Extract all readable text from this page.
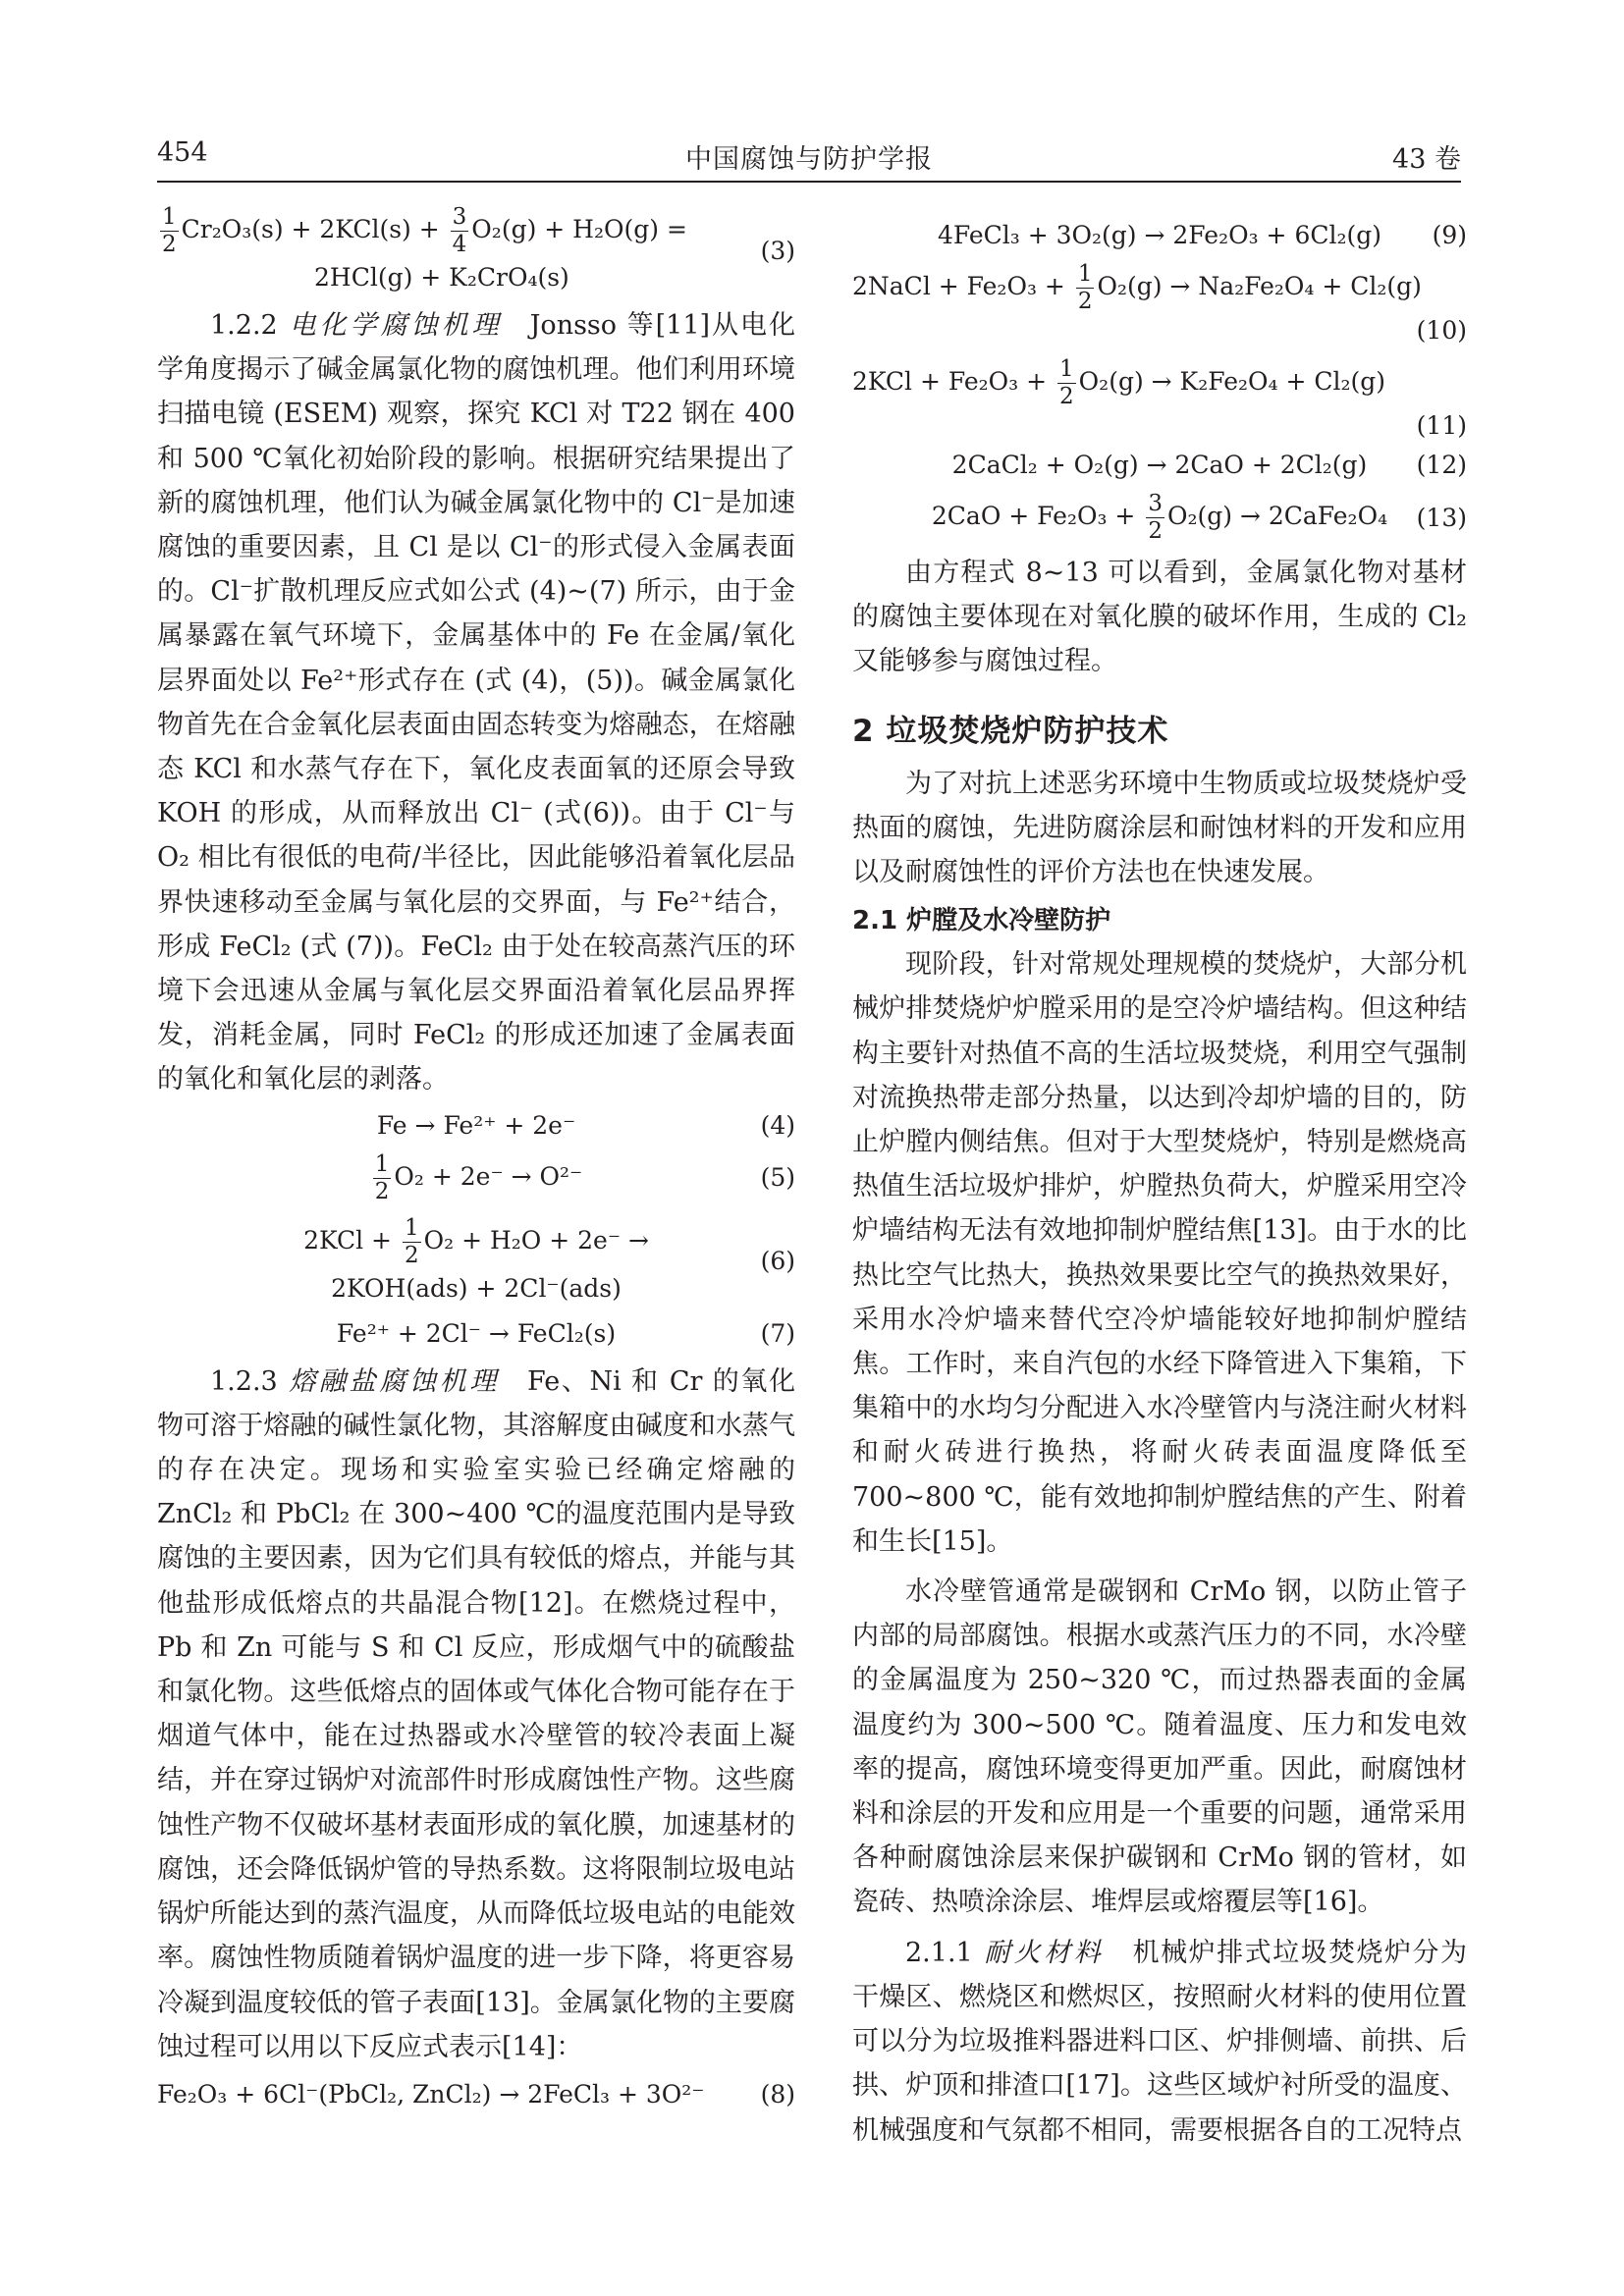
454	中国腐蚀与防护学报	43 卷
$\frac{1}{2} Cr_2O_3(s) + 2KCl(s) + \frac{3}{4} O_2(g) + H_2O(g)$ =
2HCl(g) + K₂CrO₄(s)
(3)

1.2.2 电化学腐蚀机理 Jonsso 等[11]从电化学角度揭示了碱金属氯化物的腐蚀机理。他们利用环境扫描电镜 (ESEM) 观察，探究 KCl 对 T22 钢在 400 和 500 ℃氧化初始阶段的影响。根据研究结果提出了新的腐蚀机理，他们认为碱金属氯化物中的 Cl⁻是加速腐蚀的重要因素，且 Cl 是以 Cl⁻的形式侵入金属表面的。Cl⁻扩散机理反应式如公式 (4)~(7) 所示，由于金属暴露在氧气环境下，金属基体中的 Fe 在金属/氧化层界面处以 Fe²⁺形式存在 (式 (4)，(5))。碱金属氯化物首先在合金氧化层表面由固态转变为熔融态，在熔融态 KCl 和水蒸气存在下，氧化皮表面氧的还原会导致 KOH 的形成，从而释放出 Cl⁻ (式(6))。由于 Cl⁻与 O₂ 相比有很低的电荷/半径比，因此能够沿着氧化层品界快速移动至金属与氧化层的交界面，与 Fe²⁺结合，形成 FeCl₂ (式 (7))。FeCl₂ 由于处在较高蒸汽压的环境下会迅速从金属与氧化层交界面沿着氧化层品界挥发，消耗金属，同时 FeCl₂ 的形成还加速了金属表面的氧化和氧化层的剥落。

Fe → Fe²⁺ + 2e⁻	(4)
$\frac{1}{2} O_2 + 2e^- \to O^{2-}$	(5)
$2KCl + \frac{1}{2} O_2 + H_2O + 2e^-$ →
2KOH(ads) + 2Cl⁻(ads)
(6)
Fe²⁺ + 2Cl⁻ → FeCl₂(s)	(7)

1.2.3 熔融盐腐蚀机理 Fe、Ni 和 Cr 的氧化物可溶于熔融的碱性氯化物，其溶解度由碱度和水蒸气的存在决定。现场和实验室实验已经确定熔融的 ZnCl₂ 和 PbCl₂ 在 300~400 ℃的温度范围内是导致腐蚀的主要因素，因为它们具有较低的熔点，并能与其他盐形成低熔点的共晶混合物[12]。在燃烧过程中，Pb 和 Zn 可能与 S 和 Cl 反应，形成烟气中的硫酸盐和氯化物。这些低熔点的固体或气体化合物可能存在于烟道气体中，能在过热器或水冷壁管的较冷表面上凝结，并在穿过锅炉对流部件时形成腐蚀性产物。这些腐蚀性产物不仅破坏基材表面形成的氧化膜，加速基材的腐蚀，还会降低锅炉管的导热系数。这将限制垃圾电站锅炉所能达到的蒸汽温度，从而降低垃圾电站的电能效率。腐蚀性物质随着锅炉温度的进一步下降，将更容易冷凝到温度较低的管子表面[13]。金属氯化物的主要腐蚀过程可以用以下反应式表示[14]：

Fe₂O₃ + 6Cl⁻(PbCl₂, ZnCl₂) → 2FeCl₃ + 3O²⁻	(8)
4FeCl₃ + 3O₂(g) → 2Fe₂O₃ + 6Cl₂(g)	(9)
2NaCl + $Fe_2O_3 + \frac{1}{2} O_2(g) \to Na_2Fe_2O_4 + Cl_2(g)$
(10)
$2KCl + Fe_2O_3 + \frac{1}{2} O_2(g) \to K_2Fe_2O_4 + Cl_2(g)$
(11)
2CaCl₂ + O₂(g) → 2CaO + 2Cl₂(g)	(12)
$2CaO + Fe_2O_3 + \frac{3}{2} O_2(g)$ → 2CaFe₂O₄	(13)

由方程式 8~13 可以看到，金属氯化物对基材的腐蚀主要体现在对氧化膜的破坏作用，生成的 Cl₂ 又能够参与腐蚀过程。

2 垃圾焚烧炉防护技术

为了对抗上述恶劣环境中生物质或垃圾焚烧炉受热面的腐蚀，先进防腐涂层和耐蚀材料的开发和应用以及耐腐蚀性的评价方法也在快速发展。

2.1 炉膛及水冷壁防护

现阶段，针对常规处理规模的焚烧炉，大部分机械炉排焚烧炉炉膛采用的是空冷炉墙结构。但这种结构主要针对热值不高的生活垃圾焚烧，利用空气强制对流换热带走部分热量，以达到冷却炉墙的目的，防止炉膛内侧结焦。但对于大型焚烧炉，特别是燃烧高热值生活垃圾炉排炉，炉膛热负荷大，炉膛采用空冷炉墙结构无法有效地抑制炉膛结焦[13]。由于水的比热比空气比热大，换热效果要比空气的换热效果好，采用水冷炉墙来替代空冷炉墙能较好地抑制炉膛结焦。工作时，来自汽包的水经下降管进入下集箱，下集箱中的水均匀分配进入水冷壁管内与浇注耐火材料和耐火砖进行换热，将耐火砖表面温度降低至 700~800 ℃，能有效地抑制炉膛结焦的产生、附着和生长[15]。

水冷壁管通常是碳钢和 CrMo 钢，以防止管子内部的局部腐蚀。根据水或蒸汽压力的不同，水冷壁的金属温度为 250~320 ℃，而过热器表面的金属温度约为 300~500 ℃。随着温度、压力和发电效率的提高，腐蚀环境变得更加严重。因此，耐腐蚀材料和涂层的开发和应用是一个重要的问题，通常采用各种耐腐蚀涂层来保护碳钢和 CrMo 钢的管材，如瓷砖、热喷涂涂层、堆焊层或熔覆层等[16]。

2.1.1 耐火材料 机械炉排式垃圾焚烧炉分为干燥区、燃烧区和燃烬区，按照耐火材料的使用位置可以分为垃圾推料器进料口区、炉排侧墙、前拱、后拱、炉顶和排渣口[17]。这些区域炉衬所受的温度、机械强度和气氛都不相同，需要根据各自的工况特点
